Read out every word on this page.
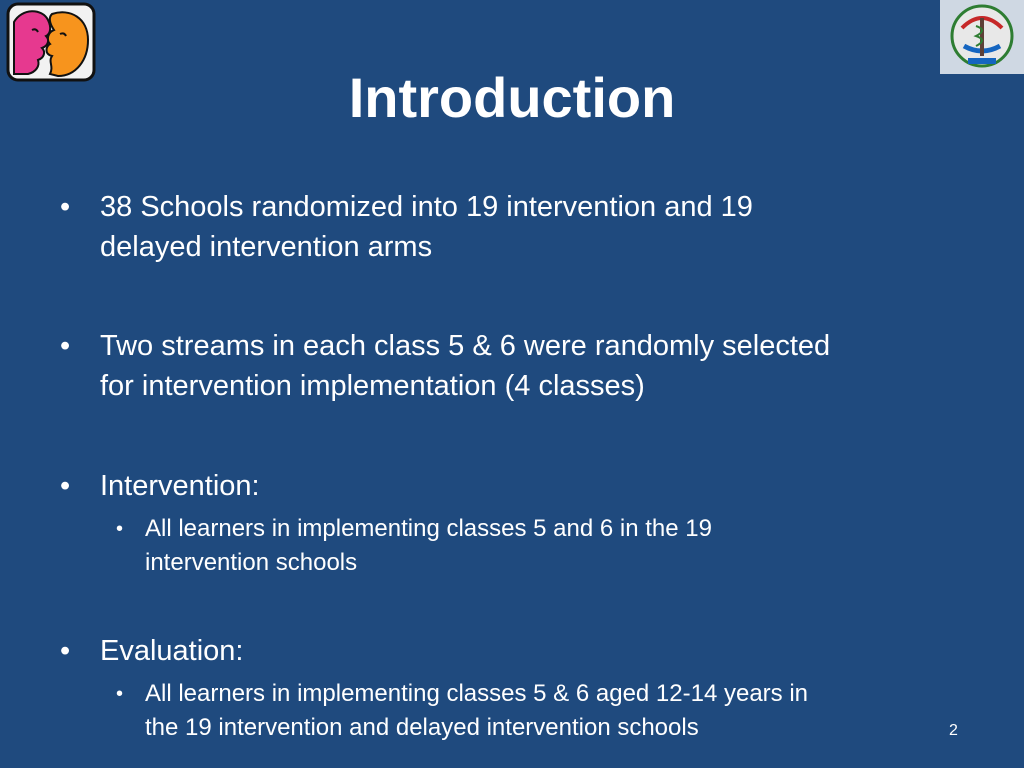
Introduction
• 38 Schools randomized into 19 intervention and 19
delayed intervention arms
• Two streams in each class 5 & 6 were randomly selected
for intervention implementation (4 classes)
• Intervention:
• All learners in implementing classes 5 and 6 in the 19
intervention schools
• Evaluation:
• All learners in implementing classes 5 & 6 aged 12-14 years in
the 19 intervention and delayed intervention schools	2
